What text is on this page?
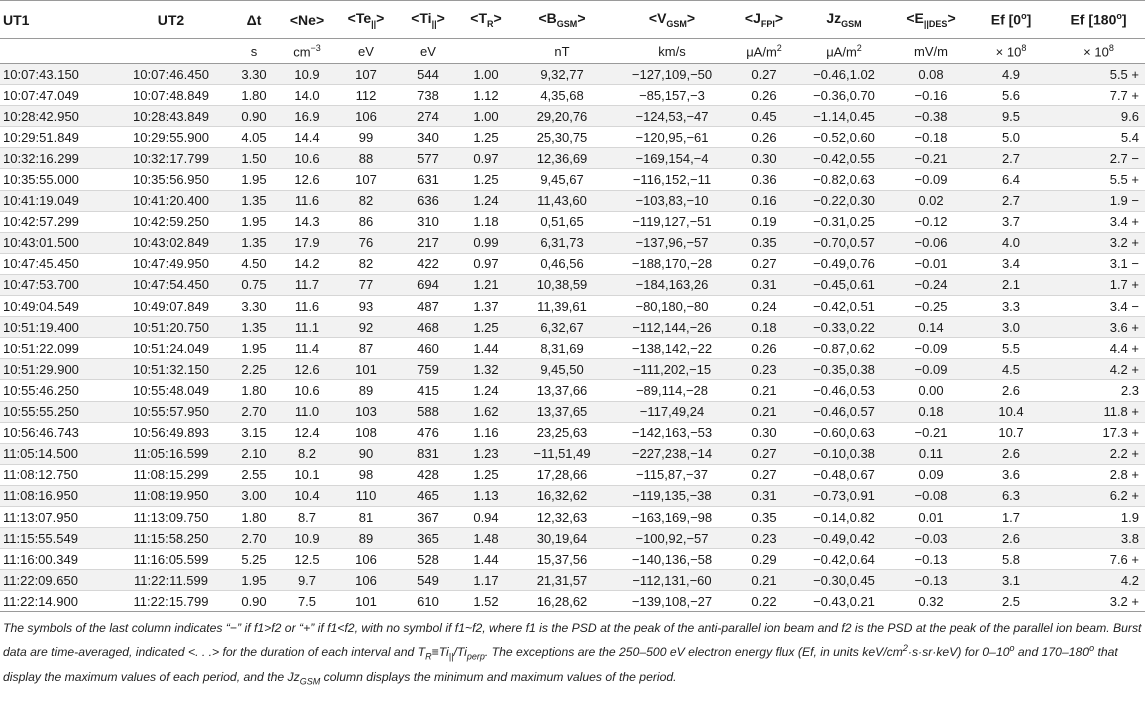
UT1	UT2	Δt	<Ne>	$<Te_{||}>$	$<Ti_{||}>$	$<T_R>$	$<B_{GSM}>$	$<V_{GSM}>$	$<J_{FPI}>$	$Jz_{GSM}$	$<E_{||DES}>$	Ef [0$^o$]	Ef [180$^o$]
		s	$cm^{-3}$	eV	eV		nT	km/s	$\mu A/m^2$	$\mu A/m^2$	mV/m	× $10^8$	× $10^8$
10:07:43.150	10:07:46.450	3.30	10.9	107	544	1.00	9,32,77	−127,109,−50	0.27	−0.46,1.02	0.08	4.9	5.5 +
10:07:47.049	10:07:48.849	1.80	14.0	112	738	1.12	4,35,68	−85,157,−3	0.26	−0.36,0.70	−0.16	5.6	7.7 +
10:28:42.950	10:28:43.849	0.90	16.9	106	274	1.00	29,20,76	−124,53,−47	0.45	−1.14,0.45	−0.38	9.5	9.6
10:29:51.849	10:29:55.900	4.05	14.4	99	340	1.25	25,30,75	−120,95,−61	0.26	−0.52,0.60	−0.18	5.0	5.4
10:32:16.299	10:32:17.799	1.50	10.6	88	577	0.97	12,36,69	−169,154,−4	0.30	−0.42,0.55	−0.21	2.7	2.7 −
10:35:55.000	10:35:56.950	1.95	12.6	107	631	1.25	9,45,67	−116,152,−11	0.36	−0.82,0.63	−0.09	6.4	5.5 +
10:41:19.049	10:41:20.400	1.35	11.6	82	636	1.24	11,43,60	−103,83,−10	0.16	−0.22,0.30	0.02	2.7	1.9 −
10:42:57.299	10:42:59.250	1.95	14.3	86	310	1.18	0,51,65	−119,127,−51	0.19	−0.31,0.25	−0.12	3.7	3.4 +
10:43:01.500	10:43:02.849	1.35	17.9	76	217	0.99	6,31,73	−137,96,−57	0.35	−0.70,0.57	−0.06	4.0	3.2 +
10:47:45.450	10:47:49.950	4.50	14.2	82	422	0.97	0,46,56	−188,170,−28	0.27	−0.49,0.76	−0.01	3.4	3.1 −
10:47:53.700	10:47:54.450	0.75	11.7	77	694	1.21	10,38,59	−184,163,26	0.31	−0.45,0.61	−0.24	2.1	1.7 +
10:49:04.549	10:49:07.849	3.30	11.6	93	487	1.37	11,39,61	−80,180,−80	0.24	−0.42,0.51	−0.25	3.3	3.4 −
10:51:19.400	10:51:20.750	1.35	11.1	92	468	1.25	6,32,67	−112,144,−26	0.18	−0.33,0.22	0.14	3.0	3.6 +
10:51:22.099	10:51:24.049	1.95	11.4	87	460	1.44	8,31,69	−138,142,−22	0.26	−0.87,0.62	−0.09	5.5	4.4 +
10:51:29.900	10:51:32.150	2.25	12.6	101	759	1.32	9,45,50	−111,202,−15	0.23	−0.35,0.38	−0.09	4.5	4.2 +
10:55:46.250	10:55:48.049	1.80	10.6	89	415	1.24	13,37,66	−89,114,−28	0.21	−0.46,0.53	0.00	2.6	2.3
10:55:55.250	10:55:57.950	2.70	11.0	103	588	1.62	13,37,65	−117,49,24	0.21	−0.46,0.57	0.18	10.4	11.8 +
10:56:46.743	10:56:49.893	3.15	12.4	108	476	1.16	23,25,63	−142,163,−53	0.30	−0.60,0.63	−0.21	10.7	17.3 +
11:05:14.500	11:05:16.599	2.10	8.2	90	831	1.23	−11,51,49	−227,238,−14	0.27	−0.10,0.38	0.11	2.6	2.2 +
11:08:12.750	11:08:15.299	2.55	10.1	98	428	1.25	17,28,66	−115,87,−37	0.27	−0.48,0.67	0.09	3.6	2.8 +
11:08:16.950	11:08:19.950	3.00	10.4	110	465	1.13	16,32,62	−119,135,−38	0.31	−0.73,0.91	−0.08	6.3	6.2 +
11:13:07.950	11:13:09.750	1.80	8.7	81	367	0.94	12,32,63	−163,169,−98	0.35	−0.14,0.82	0.01	1.7	1.9
11:15:55.549	11:15:58.250	2.70	10.9	89	365	1.48	30,19,64	−100,92,−57	0.23	−0.49,0.42	−0.03	2.6	3.8
11:16:00.349	11:16:05.599	5.25	12.5	106	528	1.44	15,37,56	−140,136,−58	0.29	−0.42,0.64	−0.13	5.8	7.6 +
11:22:09.650	11:22:11.599	1.95	9.7	106	549	1.17	21,31,57	−112,131,−60	0.21	−0.30,0.45	−0.13	3.1	4.2
11:22:14.900	11:22:15.799	0.90	7.5	101	610	1.52	16,28,62	−139,108,−27	0.22	−0.43,0.21	0.32	2.5	3.2 +
The symbols of the last column indicates “−” if f1>f2 or “+” if f1<f2, with no symbol if f1~f2, where f1 is the PSD at the peak of the anti-parallel ion beam and f2 is the PSD at the peak of the parallel ion beam. Burst data are time-averaged, indicated <. . .> for the duration of each interval and $T_R\equiv Ti_{||}/Ti_{perp}$. The exceptions are the 250–500 eV electron energy flux (Ef, in units keV/$cm^2\cdot s\cdot sr\cdot keV$) for 0–10$^o$ and 170–180$^o$ that display the maximum values of each period, and the $Jz_{GSM}$ column displays the minimum and maximum values of the period.
